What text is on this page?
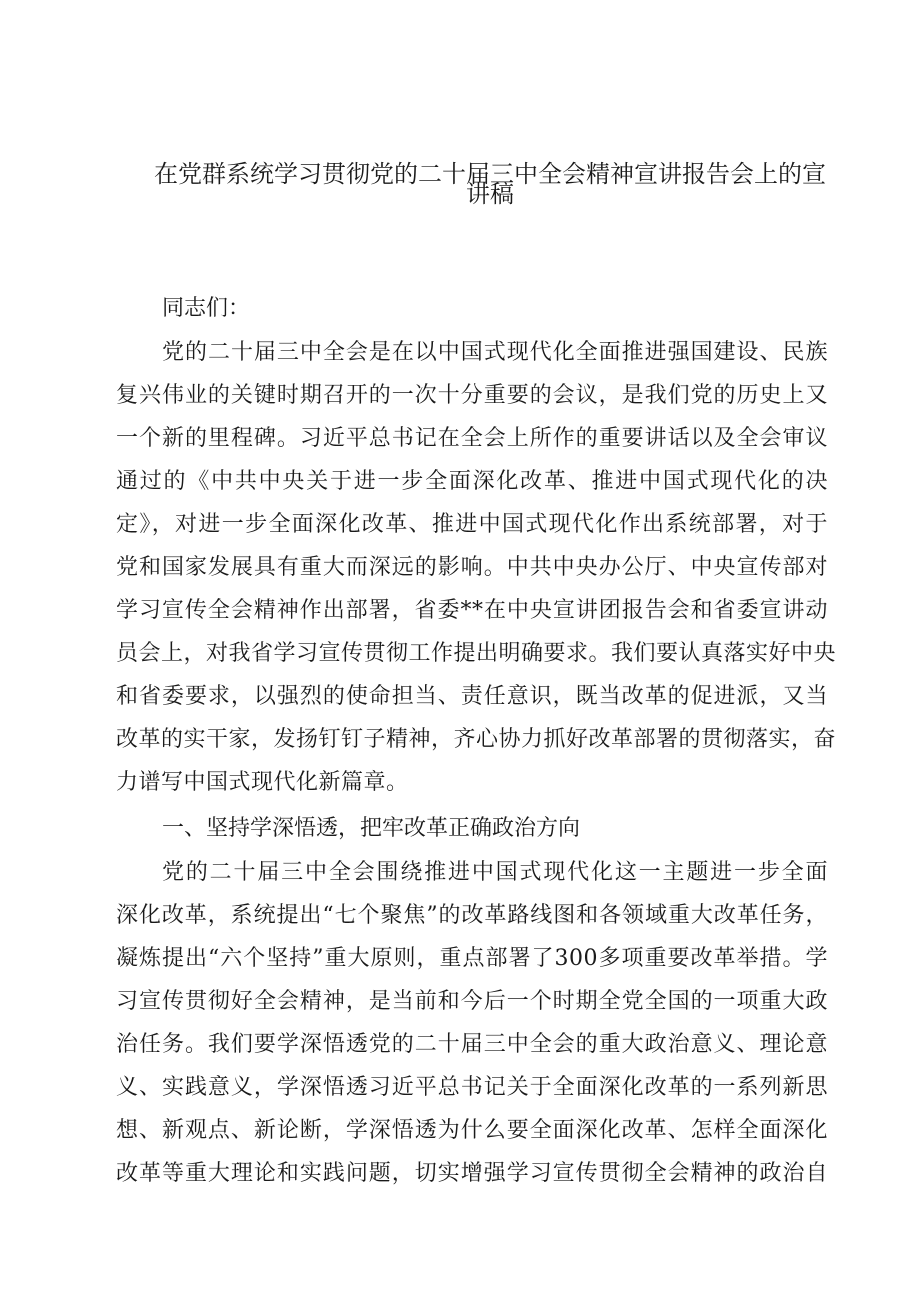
在党群系统学习贯彻党的二十届三中全会精神宣讲报告会上的宣
讲稿
同志们：
党的二十届三中全会是在以中国式现代化全面推进强国建设、民族
复兴伟业的关键时期召开的一次十分重要的会议，是我们党的历史上又
一个新的里程碑。习近平总书记在全会上所作的重要讲话以及全会审议
通过的《中共中央关于进一步全面深化改革、推进中国式现代化的决
定》，对进一步全面深化改革、推进中国式现代化作出系统部署，对于
党和国家发展具有重大而深远的影响。中共中央办公厅、中央宣传部对
学习宣传全会精神作出部署，省委**在中央宣讲团报告会和省委宣讲动
员会上，对我省学习宣传贯彻工作提出明确要求。我们要认真落实好中央
和省委要求，以强烈的使命担当、责任意识，既当改革的促进派，又当
改革的实干家，发扬钉钉子精神，齐心协力抓好改革部署的贯彻落实，奋
力谱写中国式现代化新篇章。
一、坚持学深悟透，把牢改革正确政治方向
党的二十届三中全会围绕推进中国式现代化这一主题进一步全面
深化改革，系统提出“七个聚焦”的改革路线图和各领域重大改革任务，
凝炼提出“六个坚持”重大原则，重点部署了300多项重要改革举措。学
习宣传贯彻好全会精神，是当前和今后一个时期全党全国的一项重大政
治任务。我们要学深悟透党的二十届三中全会的重大政治意义、理论意
义、实践意义，学深悟透习近平总书记关于全面深化改革的一系列新思
想、新观点、新论断，学深悟透为什么要全面深化改革、怎样全面深化
改革等重大理论和实践问题，切实增强学习宣传贯彻全会精神的政治自
